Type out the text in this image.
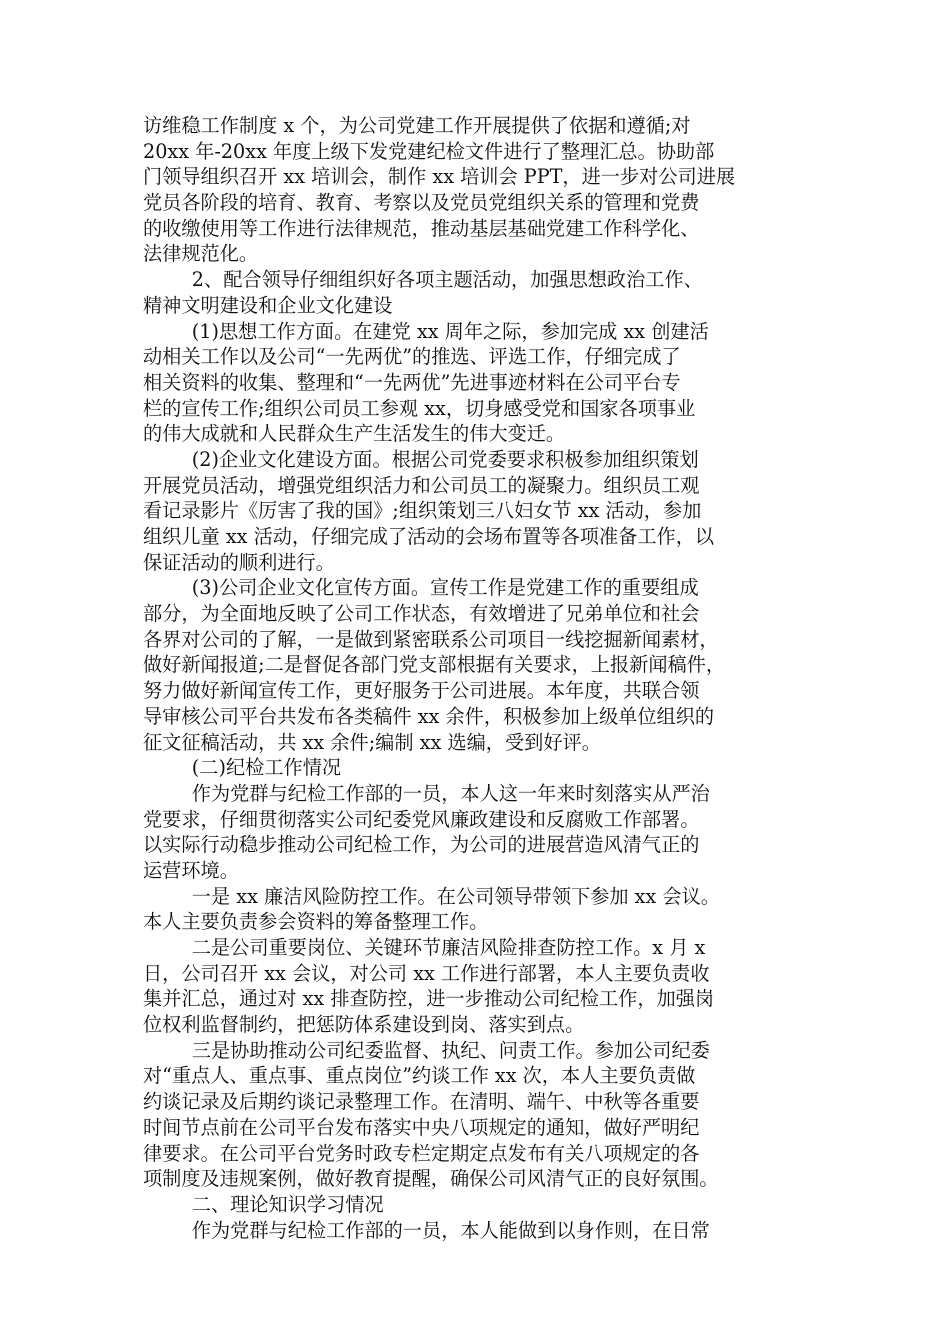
访维稳工作制度 x 个，为公司党建工作开展提供了依据和遵循;对
20xx 年-20xx 年度上级下发党建纪检文件进行了整理汇总。协助部
门领导组织召开 xx 培训会，制作 xx 培训会 PPT，进一步对公司进展
党员各阶段的培育、教育、考察以及党员党组织关系的管理和党费
的收缴使用等工作进行法律规范，推动基层基础党建工作科学化、
法律规范化。
2、配合领导仔细组织好各项主题活动，加强思想政治工作、
精神文明建设和企业文化建设
(1)思想工作方面。在建党 xx 周年之际，参加完成 xx 创建活
动相关工作以及公司“一先两优”的推选、评选工作，仔细完成了
相关资料的收集、整理和“一先两优”先进事迹材料在公司平台专
栏的宣传工作;组织公司员工参观 xx，切身感受党和国家各项事业
的伟大成就和人民群众生产生活发生的伟大变迁。
(2)企业文化建设方面。根据公司党委要求积极参加组织策划
开展党员活动，增强党组织活力和公司员工的凝聚力。组织员工观
看记录影片《厉害了我的国》;组织策划三八妇女节 xx 活动，参加
组织儿童 xx 活动，仔细完成了活动的会场布置等各项准备工作，以
保证活动的顺利进行。
(3)公司企业文化宣传方面。宣传工作是党建工作的重要组成
部分，为全面地反映了公司工作状态，有效增进了兄弟单位和社会
各界对公司的了解，一是做到紧密联系公司项目一线挖掘新闻素材，
做好新闻报道;二是督促各部门党支部根据有关要求，上报新闻稿件，
努力做好新闻宣传工作，更好服务于公司进展。本年度，共联合领
导审核公司平台共发布各类稿件 xx 余件，积极参加上级单位组织的
征文征稿活动，共 xx 余件;编制 xx 选编，受到好评。
(二)纪检工作情况
作为党群与纪检工作部的一员，本人这一年来时刻落实从严治
党要求，仔细贯彻落实公司纪委党风廉政建设和反腐败工作部署。
以实际行动稳步推动公司纪检工作，为公司的进展营造风清气正的
运营环境。
一是 xx 廉洁风险防控工作。在公司领导带领下参加 xx 会议。
本人主要负责参会资料的筹备整理工作。
二是公司重要岗位、关键环节廉洁风险排查防控工作。x 月 x
日，公司召开 xx 会议，对公司 xx 工作进行部署，本人主要负责收
集并汇总，通过对 xx 排查防控，进一步推动公司纪检工作，加强岗
位权利监督制约，把惩防体系建设到岗、落实到点。
三是协助推动公司纪委监督、执纪、问责工作。参加公司纪委
对“重点人、重点事、重点岗位”约谈工作 xx 次，本人主要负责做
约谈记录及后期约谈记录整理工作。在清明、端午、中秋等各重要
时间节点前在公司平台发布落实中央八项规定的通知，做好严明纪
律要求。在公司平台党务时政专栏定期定点发布有关八项规定的各
项制度及违规案例，做好教育提醒，确保公司风清气正的良好氛围。
二、理论知识学习情况
作为党群与纪检工作部的一员，本人能做到以身作则，在日常
